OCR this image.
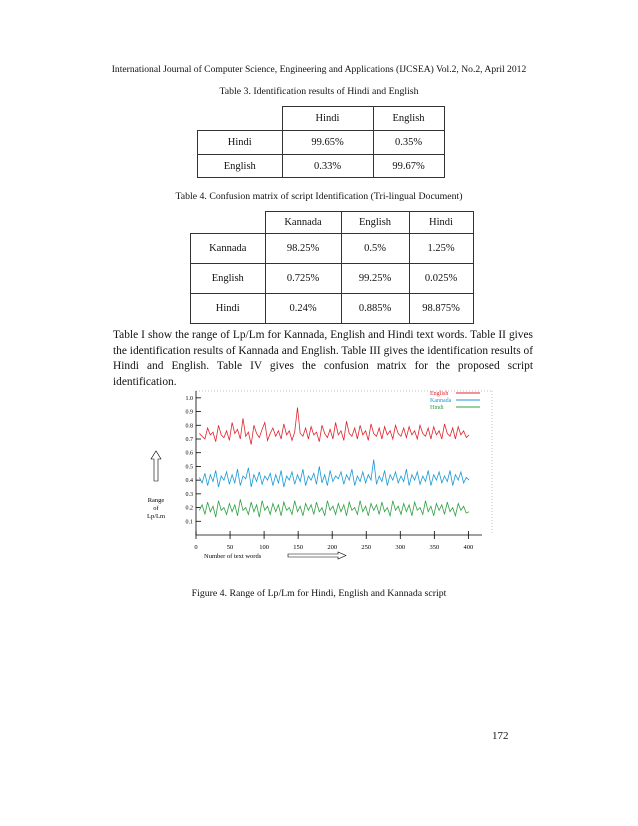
International Journal of Computer Science, Engineering and Applications (IJCSEA) Vol.2, No.2, April 2012
Table 3. Identification results of Hindi and English
	Hindi	English
Hindi	99.65%	0.35%
English	0.33%	99.67%
Table 4. Confusion matrix of script Identification (Tri-lingual Document)
	Kannada	English	Hindi
Kannada	98.25%	0.5%	1.25%
English	0.725%	99.25%	0.025%
Hindi	0.24%	0.885%	98.875%
Table I show the range of Lp/Lm for Kannada, English and Hindi text words. Table II gives the identification results of Kannada and English. Table III gives the identification results of Hindi and English. Table IV gives the confusion matrix for the proposed script identification.
0.1
0.2
0.3
0.4
0.5
0.6
0.7
0.8
0.9
1.0
0	50	100	150	200	250	300	350	400
Number of text words
Range
of
Lp/Lm
English
Kannada
Hindi
Figure 4. Range of Lp/Lm for Hindi, English and Kannada script
172
